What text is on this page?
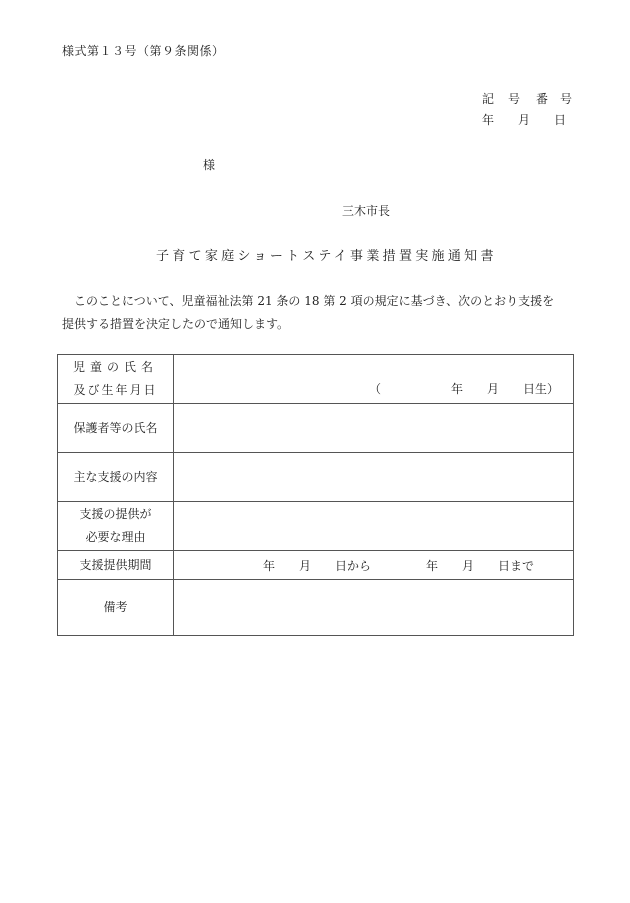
様式第１３号（第９条関係）
記	号	番 号
年	月	日
様
三木市長
子育て家庭ショートステイ事業措置実施通知書
このことについて、児童福祉法第 21 条の 18 第 2 項の規定に基づき、次のとおり支援を
提供する措置を決定したので通知します。
児童の氏名
及び生年月日	（	年	月	日生）

保護者等の氏名	
主な支援の内容	

支援の提供が
必要な理由	

支援提供期間	年	月	日から	年	月	日まで

備考	
